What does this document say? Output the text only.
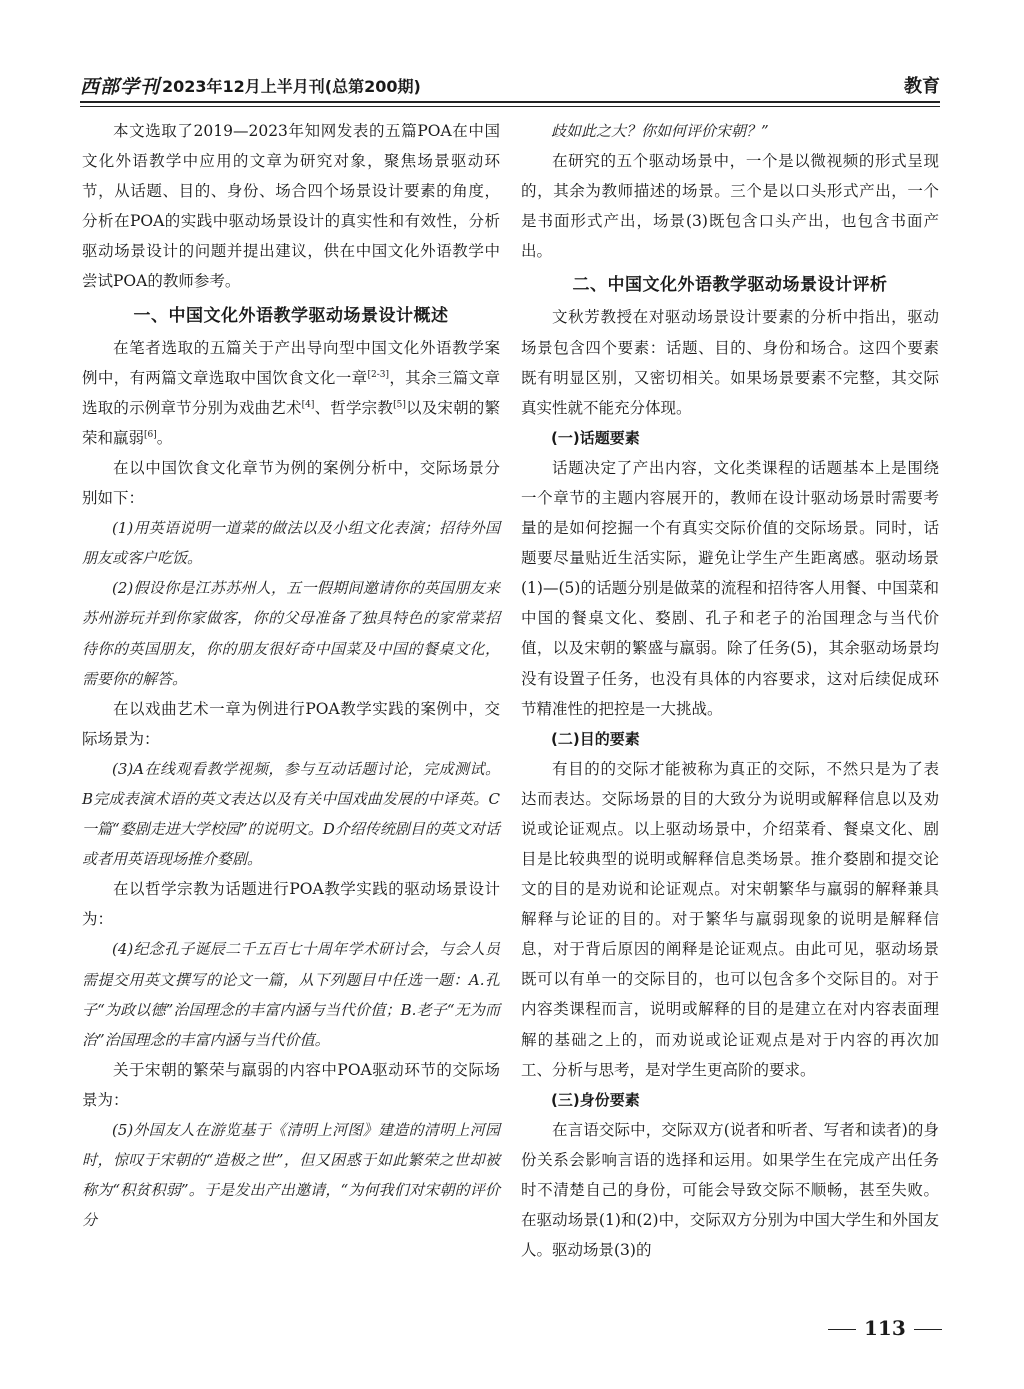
西部学刊 2023年12月上半月刊(总第200期)	教育

本文选取了2019—2023年知网发表的五篇POA在中国文化外语教学中应用的文章为研究对象，聚焦场景驱动环节，从话题、目的、身份、场合四个场景设计要素的角度，分析在POA的实践中驱动场景设计的真实性和有效性，分析驱动场景设计的问题并提出建议，供在中国文化外语教学中尝试POA的教师参考。

一、中国文化外语教学驱动场景设计概述

在笔者选取的五篇关于产出导向型中国文化外语教学案例中，有两篇文章选取中国饮食文化一章[2-3]，其余三篇文章选取的示例章节分别为戏曲艺术[4]、哲学宗教[5]以及宋朝的繁荣和羸弱[6]。

在以中国饮食文化章节为例的案例分析中，交际场景分别如下：

(1)用英语说明一道菜的做法以及小组文化表演；招待外国朋友或客户吃饭。

(2)假设你是江苏苏州人，五一假期间邀请你的英国朋友来苏州游玩并到你家做客，你的父母准备了独具特色的家常菜招待你的英国朋友，你的朋友很好奇中国菜及中国的餐桌文化，需要你的解答。

在以戏曲艺术一章为例进行POA教学实践的案例中，交际场景为：

(3)A在线观看教学视频，参与互动话题讨论，完成测试。B完成表演术语的英文表达以及有关中国戏曲发展的中译英。C一篇“婺剧走进大学校园”的说明文。D介绍传统剧目的英文对话或者用英语现场推介婺剧。

在以哲学宗教为话题进行POA教学实践的驱动场景设计为：

(4)纪念孔子诞辰二千五百七十周年学术研讨会，与会人员需提交用英文撰写的论文一篇，从下列题目中任选一题：A.孔子“为政以德”治国理念的丰富内涵与当代价值；B.老子“无为而治”治国理念的丰富内涵与当代价值。

关于宋朝的繁荣与羸弱的内容中POA驱动环节的交际场景为：

(5)外国友人在游览基于《清明上河图》建造的清明上河园时，惊叹于宋朝的“造极之世”，但又困惑于如此繁荣之世却被称为“积贫积弱”。于是发出产出邀请，“为何我们对宋朝的评价分

歧如此之大？你如何评价宋朝？”

在研究的五个驱动场景中，一个是以微视频的形式呈现的，其余为教师描述的场景。三个是以口头形式产出，一个是书面形式产出，场景(3)既包含口头产出，也包含书面产出。

二、中国文化外语教学驱动场景设计评析

文秋芳教授在对驱动场景设计要素的分析中指出，驱动场景包含四个要素：话题、目的、身份和场合。这四个要素既有明显区别，又密切相关。如果场景要素不完整，其交际真实性就不能充分体现。

(一)话题要素

话题决定了产出内容，文化类课程的话题基本上是围绕一个章节的主题内容展开的，教师在设计驱动场景时需要考量的是如何挖掘一个有真实交际价值的交际场景。同时，话题要尽量贴近生活实际，避免让学生产生距离感。驱动场景(1)—(5)的话题分别是做菜的流程和招待客人用餐、中国菜和中国的餐桌文化、婺剧、孔子和老子的治国理念与当代价值，以及宋朝的繁盛与羸弱。除了任务(5)，其余驱动场景均没有设置子任务，也没有具体的内容要求，这对后续促成环节精准性的把控是一大挑战。

(二)目的要素

有目的的交际才能被称为真正的交际，不然只是为了表达而表达。交际场景的目的大致分为说明或解释信息以及劝说或论证观点。以上驱动场景中，介绍菜肴、餐桌文化、剧目是比较典型的说明或解释信息类场景。推介婺剧和提交论文的目的是劝说和论证观点。对宋朝繁华与羸弱的解释兼具解释与论证的目的。对于繁华与羸弱现象的说明是解释信息，对于背后原因的阐释是论证观点。由此可见，驱动场景既可以有单一的交际目的，也可以包含多个交际目的。对于内容类课程而言，说明或解释的目的是建立在对内容表面理解的基础之上的，而劝说或论证观点是对于内容的再次加工、分析与思考，是对学生更高阶的要求。

(三)身份要素

在言语交际中，交际双方(说者和听者、写者和读者)的身份关系会影响言语的选择和运用。如果学生在完成产出任务时不清楚自己的身份，可能会导致交际不顺畅，甚至失败。在驱动场景(1)和(2)中，交际双方分别为中国大学生和外国友人。驱动场景(3)的

113
